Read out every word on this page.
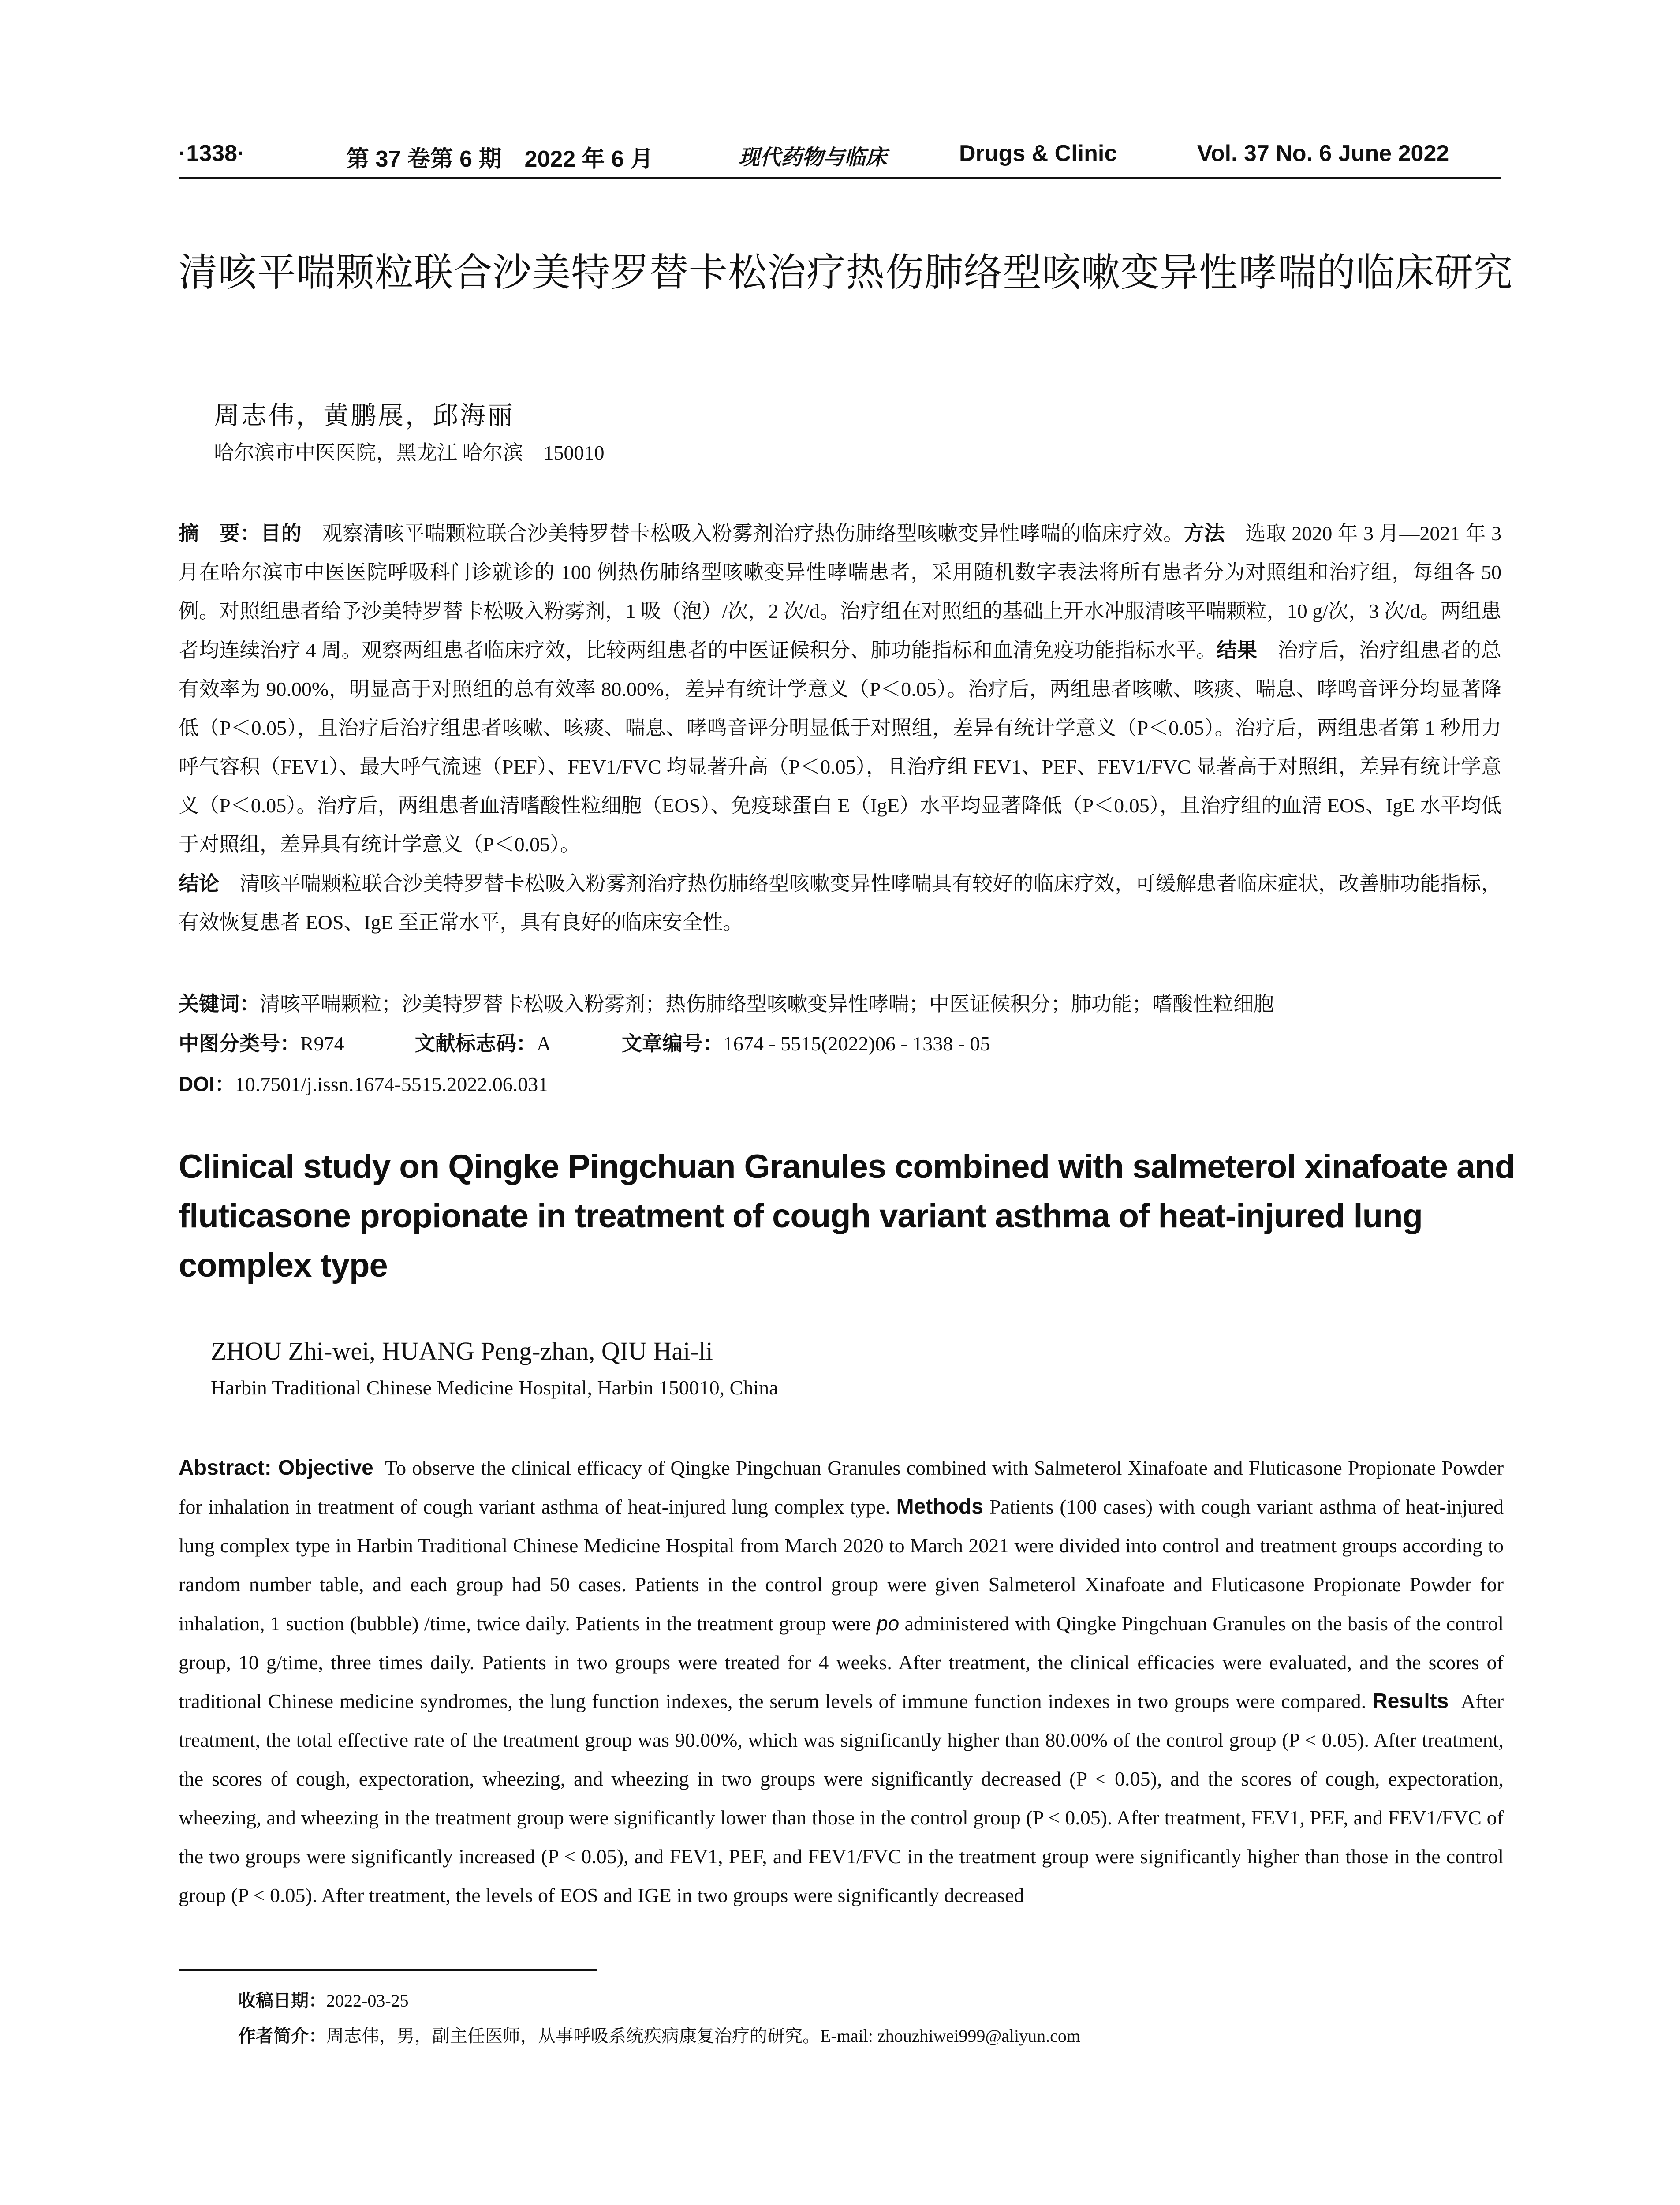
·1338·	第 37 卷第 6 期　2022 年 6 月	现代药物与临床	Drugs & Clinic	Vol. 37 No. 6 June 2022
清咳平喘颗粒联合沙美特罗替卡松治疗热伤肺络型咳嗽变异性哮喘的临床研究
周志伟，黄鹏展，邱海丽
哈尔滨市中医医院，黑龙江 哈尔滨　150010
摘　要：目的　 观察清咳平喘颗粒联合沙美特罗替卡松吸入粉雾剂治疗热伤肺络型咳嗽变异性哮喘的临床疗效。方法　 选取 2020 年 3 月—2021 年 3 月在哈尔滨市中医医院呼吸科门诊就诊的 100 例热伤肺络型咳嗽变异性哮喘患者，采用随机数字表法将所有患者分为对照组和治疗组，每组各 50 例。对照组患者给予沙美特罗替卡松吸入粉雾剂，1 吸（泡）/次，2 次/d。治疗组在对照组的基础上开水冲服清咳平喘颗粒，10 g/次，3 次/d。两组患者均连续治疗 4 周。观察两组患者临床疗效，比较两组患者的中医证候积分、肺功能指标和血清免疫功能指标水平。结果　 治疗后，治疗组患者的总有效率为 90.00%，明显高于对照组的总有效率 80.00%，差异有统计学意义（P＜0.05）。治疗后，两组患者咳嗽、咳痰、喘息、哮鸣音评分均显著降低（P＜0.05），且治疗后治疗组患者咳嗽、咳痰、喘息、哮鸣音评分明显低于对照组，差异有统计学意义（P＜0.05）。治疗后，两组患者第 1 秒用力呼气容积（FEV1）、最大呼气流速（PEF）、FEV1/FVC 均显著升高（P＜0.05），且治疗组 FEV1、PEF、FEV1/FVC 显著高于对照组，差异有统计学意义（P＜0.05）。治疗后，两组患者血清嗜酸性粒细胞（EOS）、免疫球蛋白 E（IgE）水平均显著降低（P＜0.05），且治疗组的血清 EOS、IgE 水平均低于对照组，差异具有统计学意义（P＜0.05）。
结论　 清咳平喘颗粒联合沙美特罗替卡松吸入粉雾剂治疗热伤肺络型咳嗽变异性哮喘具有较好的临床疗效，可缓解患者临床症状，改善肺功能指标，有效恢复患者 EOS、IgE 至正常水平，具有良好的临床安全性。
关键词：清咳平喘颗粒；沙美特罗替卡松吸入粉雾剂；热伤肺络型咳嗽变异性哮喘；中医证候积分；肺功能；嗜酸性粒细胞
中图分类号：R974	文献标志码：A	文章编号：1674 - 5515(2022)06 - 1338 - 05
DOI：10.7501/j.issn.1674-5515.2022.06.031
Clinical study on Qingke Pingchuan Granules combined with salmeterol xinafoate and fluticasone propionate in treatment of cough variant asthma of heat-injured lung complex type
ZHOU Zhi-wei, HUANG Peng-zhan, QIU Hai-li
Harbin Traditional Chinese Medicine Hospital, Harbin 150010, China
Abstract: Objective To observe the clinical efficacy of Qingke Pingchuan Granules combined with Salmeterol Xinafoate and Fluticasone Propionate Powder for inhalation in treatment of cough variant asthma of heat-injured lung complex type. Methods Patients (100 cases) with cough variant asthma of heat-injured lung complex type in Harbin Traditional Chinese Medicine Hospital from March 2020 to March 2021 were divided into control and treatment groups according to random number table, and each group had 50 cases. Patients in the control group were given Salmeterol Xinafoate and Fluticasone Propionate Powder for inhalation, 1 suction (bubble) /time, twice daily. Patients in the treatment group were po administered with Qingke Pingchuan Granules on the basis of the control group, 10 g/time, three times daily. Patients in two groups were treated for 4 weeks. After treatment, the clinical efficacies were evaluated, and the scores of traditional Chinese medicine syndromes, the lung function indexes, the serum levels of immune function indexes in two groups were compared. Results After treatment, the total effective rate of the treatment group was 90.00%, which was significantly higher than 80.00% of the control group (P < 0.05). After treatment, the scores of cough, expectoration, wheezing, and wheezing in two groups were significantly decreased (P < 0.05), and the scores of cough, expectoration, wheezing, and wheezing in the treatment group were significantly lower than those in the control group (P < 0.05). After treatment, FEV1, PEF, and FEV1/FVC of the two groups were significantly increased (P < 0.05), and FEV1, PEF, and FEV1/FVC in the treatment group were significantly higher than those in the control group (P < 0.05). After treatment, the levels of EOS and IGE in two groups were significantly decreased
收稿日期：2022-03-25
作者简介：周志伟，男，副主任医师，从事呼吸系统疾病康复治疗的研究。E-mail: zhouzhiwei999@aliyun.com
